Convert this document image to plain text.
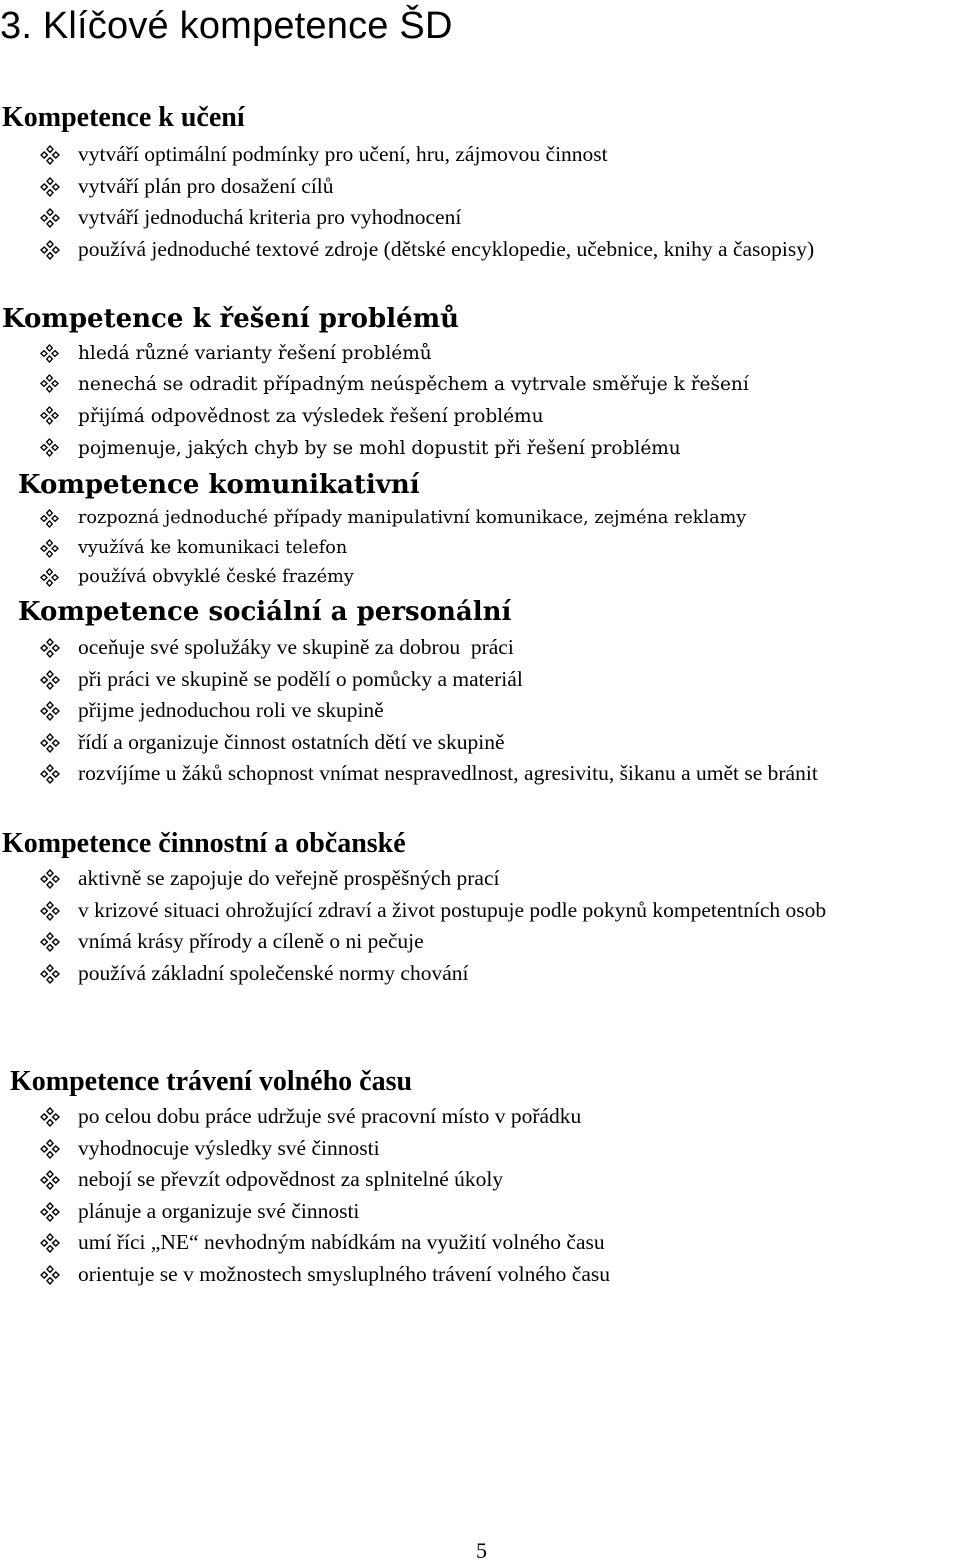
3. Klíčové kompetence ŠD
Kompetence k učení
vytváří optimální podmínky pro učení, hru, zájmovou činnost
vytváří plán pro dosažení cílů
vytváří jednoduchá kriteria pro vyhodnocení
používá jednoduché textové zdroje (dětské encyklopedie, učebnice, knihy a časopisy)
Kompetence k řešení problémů
hledá různé varianty řešení problémů
nenechá se odradit případným neúspěchem a vytrvale směřuje k řešení
přijímá odpovědnost za výsledek řešení problému
pojmenuje, jakých chyb by se mohl dopustit při řešení problému
Kompetence komunikativní
rozpozná jednoduché případy manipulativní komunikace, zejména reklamy
využívá ke komunikaci telefon
používá obvyklé české frazémy
Kompetence sociální a personální
oceňuje své spolužáky ve skupině za dobrou  práci
při práci ve skupině se podělí o pomůcky a materiál
přijme jednoduchou roli ve skupině
řídí a organizuje činnost ostatních dětí ve skupině
rozvíjíme u žáků schopnost vnímat nespravedlnost, agresivitu, šikanu a umět se bránit
Kompetence činnostní a občanské
aktivně se zapojuje do veřejně prospěšných prací
v krizové situaci ohrožující zdraví a život postupuje podle pokynů kompetentních osob
vnímá krásy přírody a cíleně o ni pečuje
používá základní společenské normy chování
Kompetence trávení volného času
po celou dobu práce udržuje své pracovní místo v pořádku
vyhodnocuje výsledky své činnosti
nebojí se převzít odpovědnost za splnitelné úkoly
plánuje a organizuje své činnosti
umí říci „NE“ nevhodným nabídkám na využití volného času
orientuje se v možnostech smysluplného trávení volného času

5
